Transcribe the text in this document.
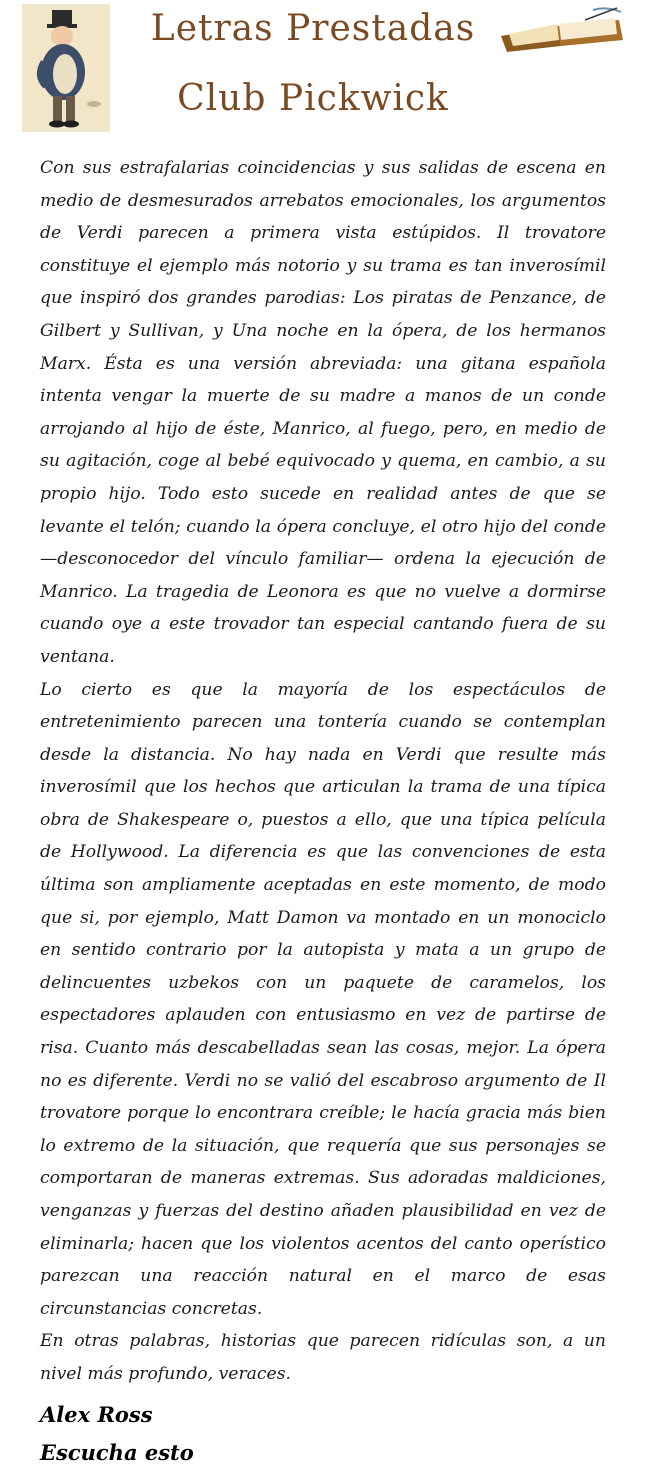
Letras Prestadas
Club Pickwick

Con sus estrafalarias coincidencias y sus salidas de escena en medio de desmesurados arrebatos emocionales, los argumentos de Verdi parecen a primera vista estúpidos. Il trovatore constituye el ejemplo más notorio y su trama es tan inverosímil que inspiró dos grandes parodias: Los piratas de Penzance, de Gilbert y Sullivan, y Una noche en la ópera, de los hermanos Marx. Ésta es una versión abreviada: una gitana española intenta vengar la muerte de su madre a manos de un conde arrojando al hijo de éste, Manrico, al fuego, pero, en medio de su agitación, coge al bebé equivocado y quema, en cambio, a su propio hijo. Todo esto sucede en realidad antes de que se levante el telón; cuando la ópera concluye, el otro hijo del conde —desconocedor del vínculo familiar— ordena la ejecución de Manrico. La tragedia de Leonora es que no vuelve a dormirse cuando oye a este trovador tan especial cantando fuera de su ventana.

Lo cierto es que la mayoría de los espectáculos de entretenimiento parecen una tontería cuando se contemplan desde la distancia. No hay nada en Verdi que resulte más inverosímil que los hechos que articulan la trama de una típica obra de Shakespeare o, puestos a ello, que una típica película de Hollywood. La diferencia es que las convenciones de esta última son ampliamente aceptadas en este momento, de modo que si, por ejemplo, Matt Damon va montado en un monociclo en sentido contrario por la autopista y mata a un grupo de delincuentes uzbekos con un paquete de caramelos, los espectadores aplauden con entusiasmo en vez de partirse de risa. Cuanto más descabelladas sean las cosas, mejor. La ópera no es diferente. Verdi no se valió del escabroso argumento de Il trovatore porque lo encontrara creíble; le hacía gracia más bien lo extremo de la situación, que requería que sus personajes se comportaran de maneras extremas. Sus adoradas maldiciones, venganzas y fuerzas del destino añaden plausibilidad en vez de eliminarla; hacen que los violentos acentos del canto operístico parezcan una reacción natural en el marco de esas circunstancias concretas.

En otras palabras, historias que parecen ridículas son, a un nivel más profundo, veraces.

Alex Ross
Escucha esto
